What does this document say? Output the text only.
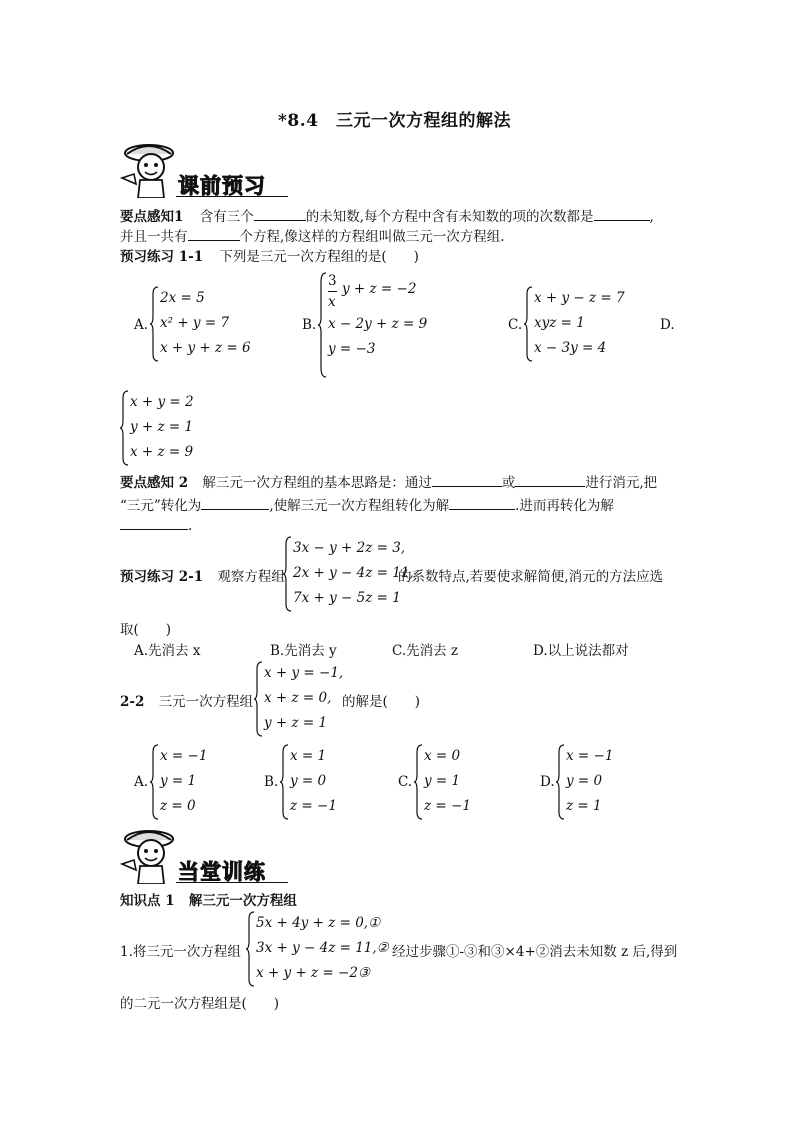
*8.4　三元一次方程组的解法
课前预习
要点感知1 含有三个	的未知数,每个方程中含有未知数的项的次数都是	,
并且一共有	个方程,像这样的方程组叫做三元一次方程组.
预习练习 1-1 下列是三元一次方程组的是(　　)
A.
2x = 5
x² + y = 7
x + y + z = 6
B.
3
x
y + z = −2
x − 2y + z = 9
y = −3
C.
x + y − z = 7
xyz = 1
x − 3y = 4
D.
x + y = 2
y + z = 1
x + z = 9
要点感知 2 解三元一次方程组的基本思路是：通过	或	进行消元,把
“三元”转化为	,使解三元一次方程组转化为解	.进而再转化为解
.
预习练习 2-1 观察方程组
3x − y + 2z = 3,
2x + y − 4z = 11,
7x + y − 5z = 1
的系数特点,若要使求解简便,消元的方法应选
取(　　)
A.先消去 x	B.先消去 y	C.先消去 z	D.以上说法都对
2-2 三元一次方程组
x + y = −1,
x + z = 0,
y + z = 1
的解是(　　)
A.
x = −1
y = 1
z = 0
B.
x = 1
y = 0
z = −1
C.
x = 0
y = 1
z = −1
D.
x = −1
y = 0
z = 1
当堂训练
知识点 1 解三元一次方程组
1.将三元一次方程组
5x + 4y + z = 0,①
3x + y − 4z = 11,②
x + y + z = −2③
经过步骤①-③和③×4+②消去未知数 z 后,得到
的二元一次方程组是(　　)
